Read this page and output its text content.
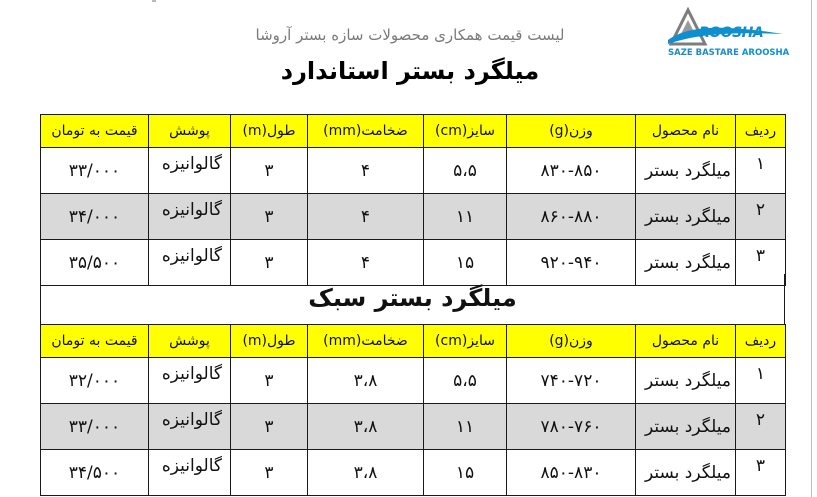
لیست قیمت همکاری محصولات سازه بستر آروشا
میلگرد بستر استاندارد
ROOSHA
SAZE BASTARE AROOSHA
قیمت به تومان	پوشش	طول(m)	ضخامت(mm)	سایز(cm)	وزن(g)	نام محصول	ردیف
۳۳/۰۰۰	گالوانیزه	۳	۴	۵،۵	۸۳۰-۸۵۰	میلگرد بستر	۱
۳۴/۰۰۰	گالوانیزه	۳	۴	۱۱	۸۶۰-۸۸۰	میلگرد بستر	۲
۳۵/۵۰۰	گالوانیزه	۳	۴	۱۵	۹۲۰-۹۴۰	میلگرد بستر	۳
میلگرد بستر سبک
قیمت به تومان	پوشش	طول(m)	ضخامت(mm)	سایز(cm)	وزن(g)	نام محصول	ردیف
۳۲/۰۰۰	گالوانیزه	۳	۳،۸	۵،۵	۷۴۰-۷۲۰	میلگرد بستر	۱
۳۳/۰۰۰	گالوانیزه	۳	۳،۸	۱۱	۷۸۰-۷۶۰	میلگرد بستر	۲
۳۴/۵۰۰	گالوانیزه	۳	۳،۸	۱۵	۸۵۰-۸۳۰	میلگرد بستر	۳
